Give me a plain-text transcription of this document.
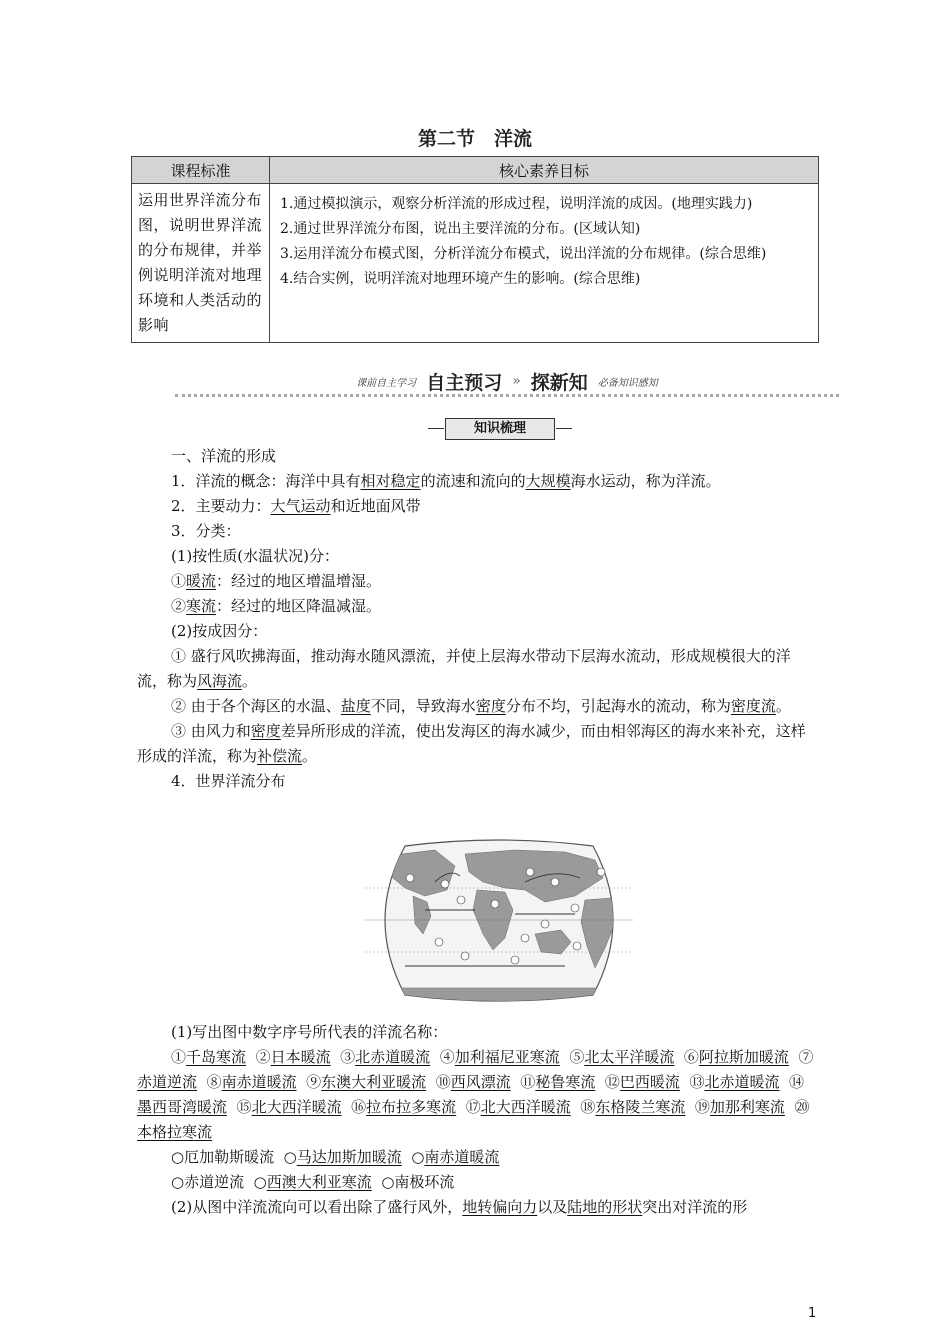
第二节　洋流
课程标准	核心素养目标
运用世界洋流分布图，说明世界洋流的分布规律，并举例说明洋流对地理环境和人类活动的影响	1.通过模拟演示，观察分析洋流的形成过程，说明洋流的成因。(地理实践力)
2.通过世界洋流分布图，说出主要洋流的分布。(区域认知)
3.运用洋流分布模式图，分析洋流分布模式，说出洋流的分布规律。(综合思维)
4.结合实例，说明洋流对地理环境产生的影响。(综合思维)
课前自主学习 自主预习 » 探新知 必备知识感知
知识梳理

一、洋流的形成

1．洋流的概念：海洋中具有相对稳定的流速和流向的大规模海水运动，称为洋流。

2．主要动力：大气运动和近地面风带

3．分类：

(1)按性质(水温状况)分：

①暖流：经过的地区增温增湿。

②寒流：经过的地区降温减湿。

(2)按成因分：

① 盛行风吹拂海面，推动海水随风漂流，并使上层海水带动下层海水流动，形成规模很大的洋流，称为风海流。

② 由于各个海区的水温、盐度不同，导致海水密度分布不均，引起海水的流动，称为密度流。

③ 由风力和密度差异所形成的洋流，使出发海区的海水减少，而由相邻海区的海水来补充，这样形成的洋流，称为补偿流。

4．世界洋流分布

(1)写出图中数字序号所代表的洋流名称：

①千岛寒流 ②日本暖流 ③北赤道暖流 ④加利福尼亚寒流 ⑤北太平洋暖流 ⑥阿拉斯加暖流 ⑦赤道逆流 ⑧南赤道暖流 ⑨东澳大利亚暖流 ⑩西风漂流 ⑪秘鲁寒流 ⑫巴西暖流 ⑬北赤道暖流 ⑭墨西哥湾暖流 ⑮北大西洋暖流 ⑯拉布拉多寒流 ⑰北大西洋暖流 ⑱东格陵兰寒流 ⑲加那利寒流 ⑳本格拉寒流

○厄加勒斯暖流 ○马达加斯加暖流 ○南赤道暖流

○赤道逆流 ○西澳大利亚寒流 ○南极环流

(2)从图中洋流流向可以看出除了盛行风外，地转偏向力以及陆地的形状突出对洋流的形

1
